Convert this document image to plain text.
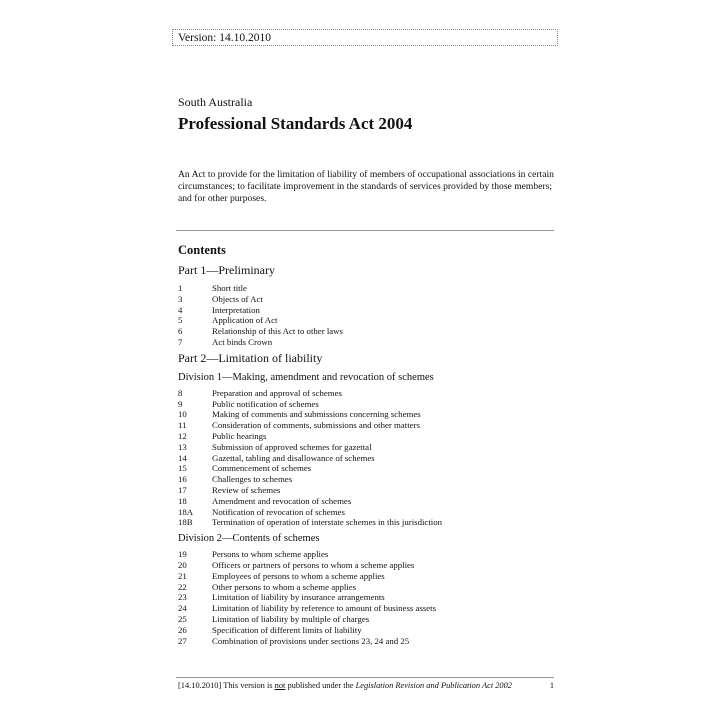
Version: 14.10.2010
South Australia
Professional Standards Act 2004
An Act to provide for the limitation of liability of members of occupational associations in certain circumstances; to facilitate improvement in the standards of services provided by those members; and for other purposes.
Contents
Part 1—Preliminary
1	Short title
3	Objects of Act
4	Interpretation
5	Application of Act
6	Relationship of this Act to other laws
7	Act binds Crown
Part 2—Limitation of liability
Division 1—Making, amendment and revocation of schemes
8	Preparation and approval of schemes
9	Public notification of schemes
10	Making of comments and submissions concerning schemes
11	Consideration of comments, submissions and other matters
12	Public hearings
13	Submission of approved schemes for gazettal
14	Gazettal, tabling and disallowance of schemes
15	Commencement of schemes
16	Challenges to schemes
17	Review of schemes
18	Amendment and revocation of schemes
18A	Notification of revocation of schemes
18B	Termination of operation of interstate schemes in this jurisdiction
Division 2—Contents of schemes
19	Persons to whom scheme applies
20	Officers or partners of persons to whom a scheme applies
21	Employees of persons to whom a scheme applies
22	Other persons to whom a scheme applies
23	Limitation of liability by insurance arrangements
24	Limitation of liability by reference to amount of business assets
25	Limitation of liability by multiple of charges
26	Specification of different limits of liability
27	Combination of provisions under sections 23, 24 and 25
[14.10.2010] This version is not published under the Legislation Revision and Publication Act 2002	1
